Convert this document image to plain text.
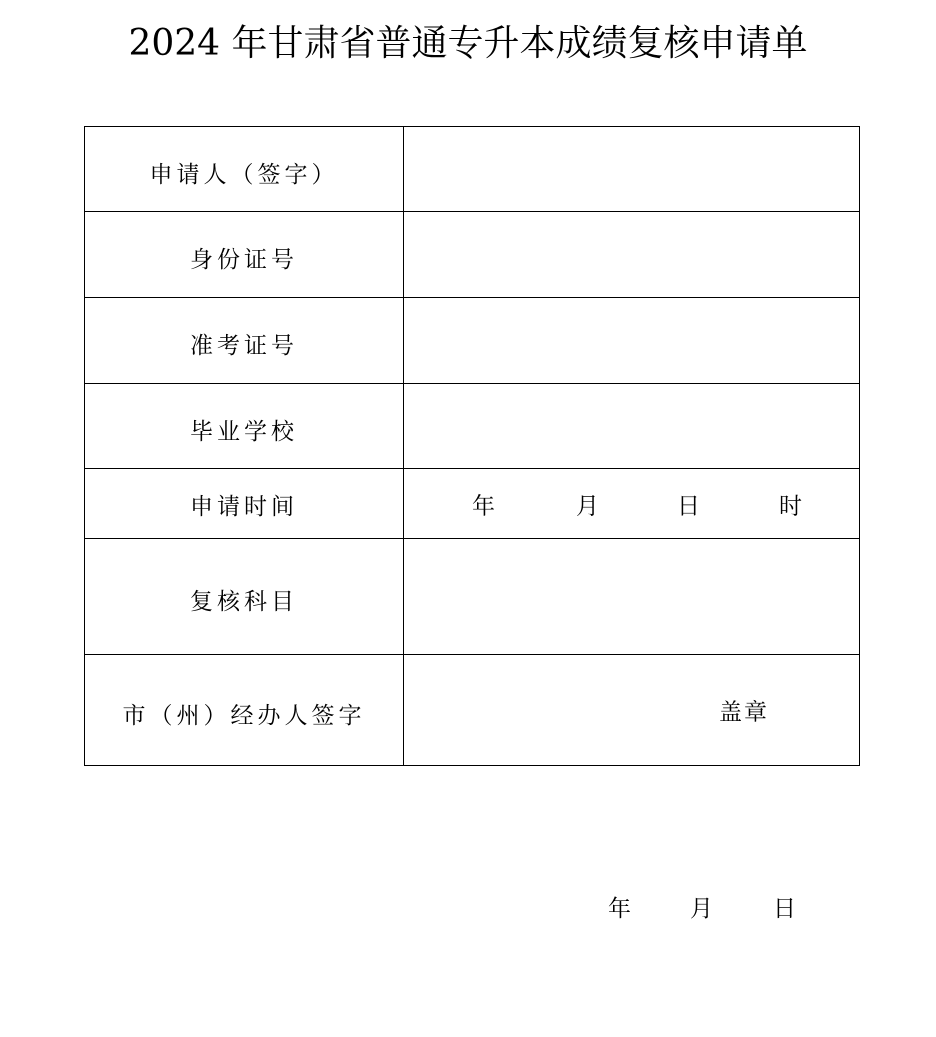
2024 年甘肃省普通专升本成绩复核申请单
申请人（签字）	
身份证号	
准考证号	
毕业学校	
申请时间	年 月 日 时

复核科目	
市（州）经办人签字	盖章
年	月	日
